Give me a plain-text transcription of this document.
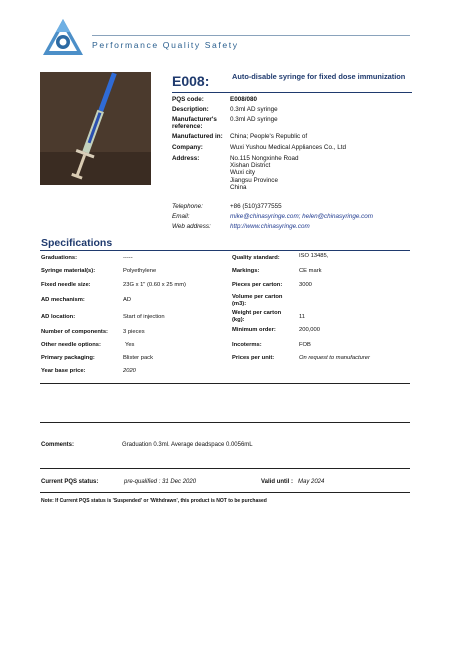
Performance Quality Safety
E008:	Auto-disable syringe for fixed dose immunization
PQS code:	E008/080
Description:	0.3ml AD syringe
Manufacturer's reference:
0.3ml AD syringe
Manufactured in:	China; People's Republic of
Company:	Wuxi Yushou Medical Appliances Co., Ltd
Address:	No.115 Nongxinhe Road
Xishan District
Wuxi city
Jiangsu Province
China
Telephone:	+86 (510)3777555
Email:	mike@chinasyringe.com; helen@chinasyringe.com
Web address:	http://www.chinasyringe.com
Specifications
Graduations:	-----
Syringe material(s):	Polyethylene
Fixed needle size:	23G x 1" (0.60 x 25 mm)
AD mechanism:	AD
AD location:	Start of injection
Number of components:	3 pieces
Other needle options:	Yes
Primary packaging:	Blister pack
Year base price:	2020
Quality standard:	ISO 13485,
Markings:	CE mark
Pieces per carton:	3000
Volume per carton (m3):
Weight per carton (kg):	11
Minimum order:	200,000
Incoterms:	FOB
Prices per unit:	On request to manufacturer
Comments:	Graduation 0.3ml. Average deadspace 0.0056mL
Current PQS status:	pre-qualified : 31 Dec 2020	Valid until : May 2024
Note: If Current PQS status is 'Suspended' or 'Withdrawn', this product is NOT to be purchased
